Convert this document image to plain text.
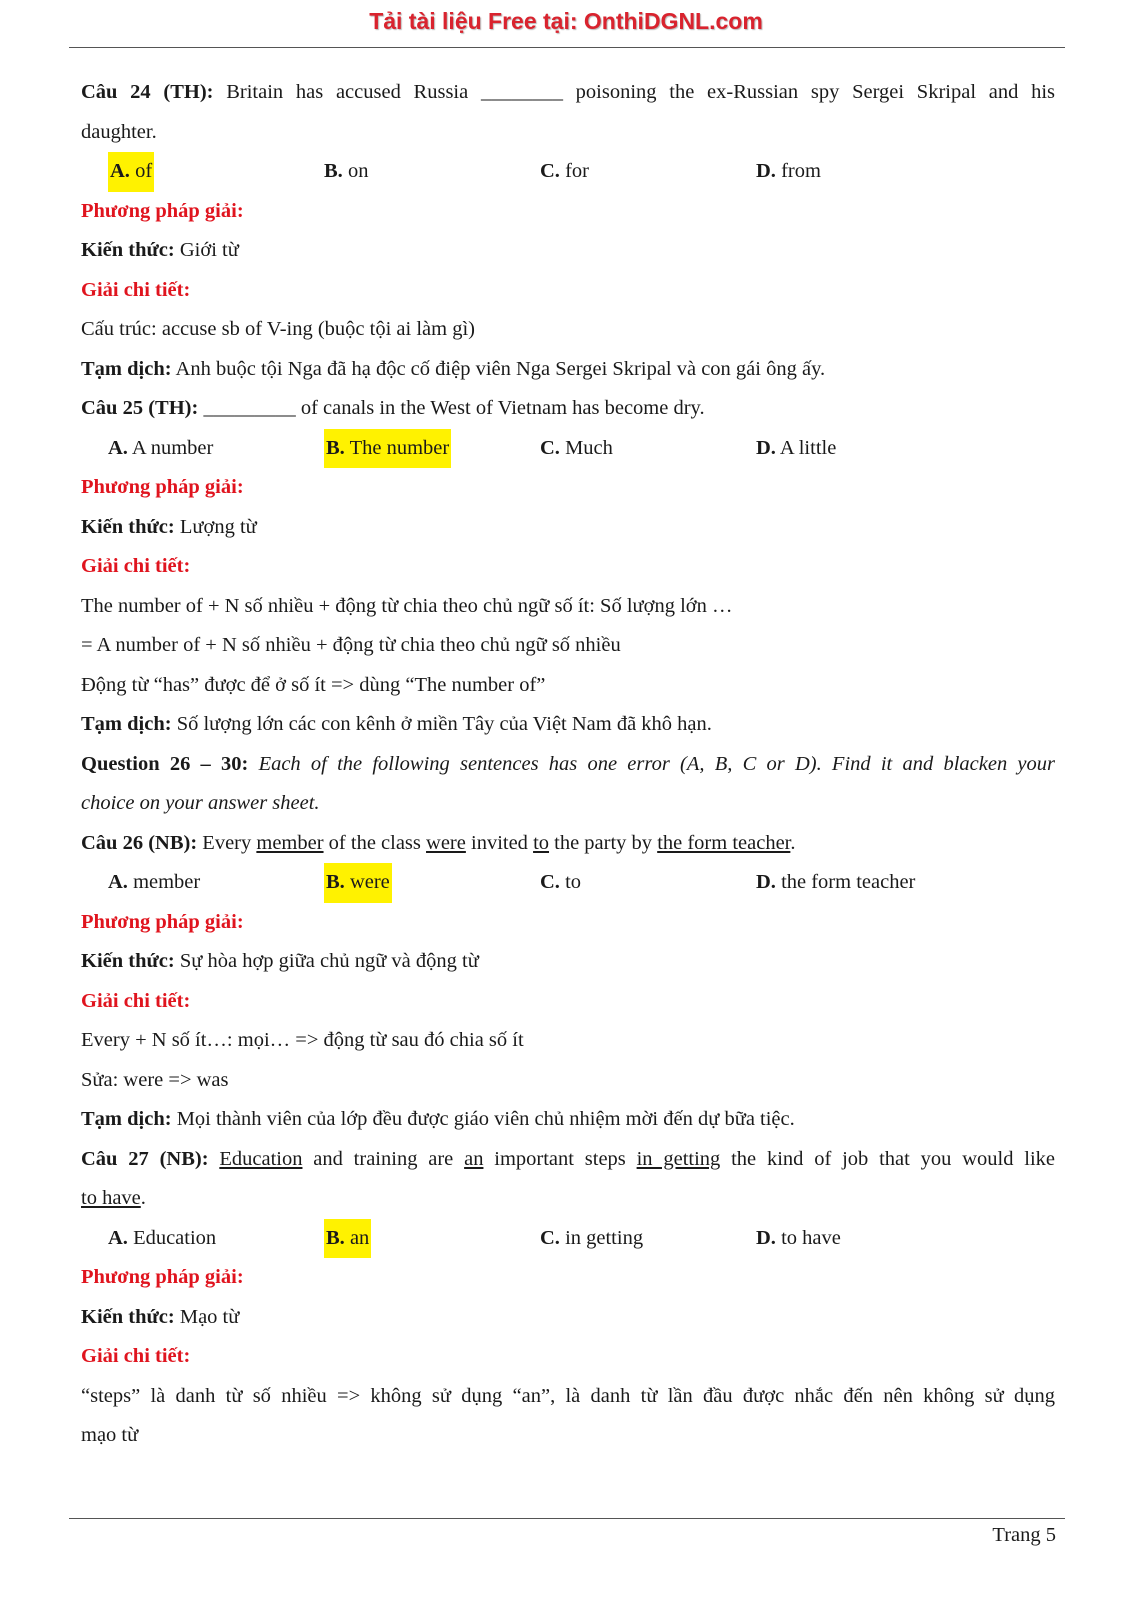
Tải tài liệu Free tại: OnthiDGNL.com
Câu 24 (TH): Britain has accused Russia ________ poisoning the ex-Russian spy Sergei Skripal and his
daughter.
A. of	B. on	C. for	D. from
Phương pháp giải:
Kiến thức: Giới từ
Giải chi tiết:
Cấu trúc: accuse sb of V-ing (buộc tội ai làm gì)
Tạm dịch: Anh buộc tội Nga đã hạ độc cố điệp viên Nga Sergei Skripal và con gái ông ấy.
Câu 25 (TH): _________ of canals in the West of Vietnam has become dry.
A. A number	B. The number	C. Much	D. A little
Phương pháp giải:
Kiến thức: Lượng từ
Giải chi tiết:
The number of + N số nhiều + động từ chia theo chủ ngữ số ít: Số lượng lớn …
= A number of + N số nhiều + động từ chia theo chủ ngữ số nhiều
Động từ “has” được để ở số ít => dùng “The number of”
Tạm dịch: Số lượng lớn các con kênh ở miền Tây của Việt Nam đã khô hạn.
Question 26 – 30: Each of the following sentences has one error (A, B, C or D). Find it and blacken your
choice on your answer sheet.
Câu 26 (NB): Every member of the class were invited to the party by the form teacher.
A. member	B. were	C. to	D. the form teacher
Phương pháp giải:
Kiến thức: Sự hòa hợp giữa chủ ngữ và động từ
Giải chi tiết:
Every + N số ít…: mọi… => động từ sau đó chia số ít
Sửa: were => was
Tạm dịch: Mọi thành viên của lớp đều được giáo viên chủ nhiệm mời đến dự bữa tiệc.
Câu 27 (NB): Education and training are an important steps in getting the kind of job that you would like
to have.
A. Education	B. an	C. in getting	D. to have
Phương pháp giải:
Kiến thức: Mạo từ
Giải chi tiết:
“steps” là danh từ số nhiều => không sử dụng “an”, là danh từ lần đầu được nhắc đến nên không sử dụng
mạo từ
Trang 5
